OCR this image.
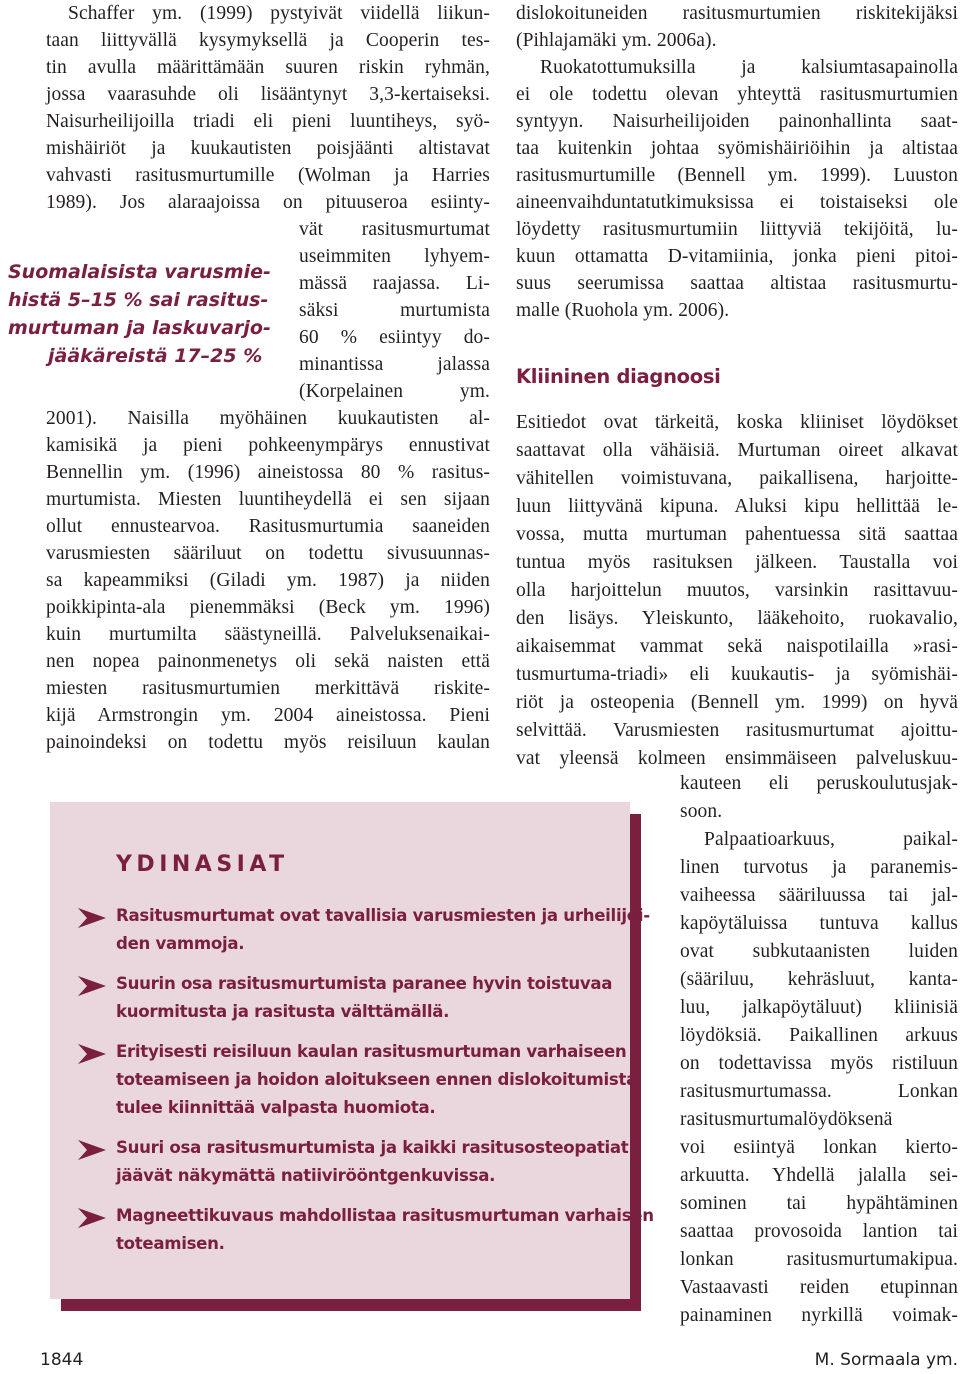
Schaffer ym. (1999) pystyivät viidellä liikun-
taan liittyvällä kysymyksellä ja Cooperin tes-
tin avulla määrittämään suuren riskin ryhmän,
jossa vaarasuhde oli lisääntynyt 3,3-kertaiseksi.
Naisurheilijoilla triadi eli pieni luuntiheys, syö-
mishäiriöt ja kuukautisten poisjäänti altistavat
vahvasti rasitusmurtumille (Wolman ja Harries
1989). Jos alaraajoissa on pituuseroa esiinty-
vät rasitusmurtumat
useimmiten lyhyem-
mässä raajassa. Li-
säksi murtumista
60 % esiintyy do-
minantissa jalassa
(Korpelainen ym.
2001). Naisilla myöhäinen kuukautisten al-
kamisikä ja pieni pohkeenympärys ennustivat
Bennellin ym. (1996) aineistossa 80 % rasitus-
murtumista. Miesten luuntiheydellä ei sen sijaan
ollut ennustearvoa. Rasitusmurtumia saaneiden
varusmiesten sääriluut on todettu sivusuunnas-
sa kapeammiksi (Giladi ym. 1987) ja niiden
poikkipinta-ala pienemmäksi (Beck ym. 1996)
kuin murtumilta säästyneillä. Palveluksenaikai-
nen nopea painonmenetys oli sekä naisten että
miesten rasitusmurtumien merkittävä riskite-
kijä Armstrongin ym. 2004 aineistossa. Pieni
painoindeksi on todettu myös reisiluun kaulan
Suomalaisista varusmie-
histä 5–15 % sai rasitus-
murtuman ja laskuvarjo-
jääkäreistä 17–25 %
dislokoituneiden rasitusmurtumien riskitekijäksi
(Pihlajamäki ym. 2006a).
Ruokatottumuksilla ja kalsiumtasapainolla
ei ole todettu olevan yhteyttä rasitusmurtumien
syntyyn. Naisurheilijoiden painonhallinta saat-
taa kuitenkin johtaa syömishäiriöihin ja altistaa
rasitusmurtumille (Bennell ym. 1999). Luuston
aineenvaihduntatutkimuksissa ei toistaiseksi ole
löydetty rasitusmurtumiin liittyviä tekijöitä, lu-
kuun ottamatta D-vitamiinia, jonka pieni pitoi-
suus seerumissa saattaa altistaa rasitusmurtu-
malle (Ruohola ym. 2006).
Kliininen diagnoosi
Esitiedot ovat tärkeitä, koska kliiniset löydökset
saattavat olla vähäisiä. Murtuman oireet alkavat
vähitellen voimistuvana, paikallisena, harjoitte-
luun liittyvänä kipuna. Aluksi kipu hellittää le-
vossa, mutta murtuman pahentuessa sitä saattaa
tuntua myös rasituksen jälkeen. Taustalla voi
olla harjoittelun muutos, varsinkin rasittavuu-
den lisäys. Yleiskunto, lääkehoito, ruokavalio,
aikaisemmat vammat sekä naispotilailla »rasi-
tusmurtuma-triadi» eli kuukautis- ja syömishäi-
riöt ja osteopenia (Bennell ym. 1999) on hyvä
selvittää. Varusmiesten rasitusmurtumat ajoittu-
vat yleensä kolmeen ensimmäiseen palveluskuu-
kauteen eli peruskoulutusjak-
soon.
Palpaatioarkuus, paikal-
linen turvotus ja paranemis-
vaiheessa sääriluussa tai jal-
kapöytäluissa tuntuva kallus
ovat subkutaanisten luiden
(sääriluu, kehräsluut, kanta-
luu, jalkapöytäluut) kliinisiä
löydöksiä. Paikallinen arkuus
on todettavissa myös ristiluun
rasitusmurtumassa. Lonkan
rasitusmurtumalöydöksenä
voi esiintyä lonkan kierto-
arkuutta. Yhdellä jalalla sei-
sominen tai hypähtäminen
saattaa provosoida lantion tai
lonkan rasitusmurtumakipua.
Vastaavasti reiden etupinnan
painaminen nyrkillä voimak-
YDINASIAT
Rasitusmurtumat ovat tavallisia varusmiesten ja urheilijoi-
den vammoja.
Suurin osa rasitusmurtumista paranee hyvin toistuvaa
kuormitusta ja rasitusta välttämällä.
Erityisesti reisiluun kaulan rasitusmurtuman varhaiseen
toteamiseen ja hoidon aloitukseen ennen dislokoitumista
tulee kiinnittää valpasta huomiota.
Suuri osa rasitusmurtumista ja kaikki rasitusosteopatiat
jäävät näkymättä natiivirööntgenkuvissa.
Magneettikuvaus mahdollistaa rasitusmurtuman varhaisen
toteamisen.
1844	M. Sormaala ym.
